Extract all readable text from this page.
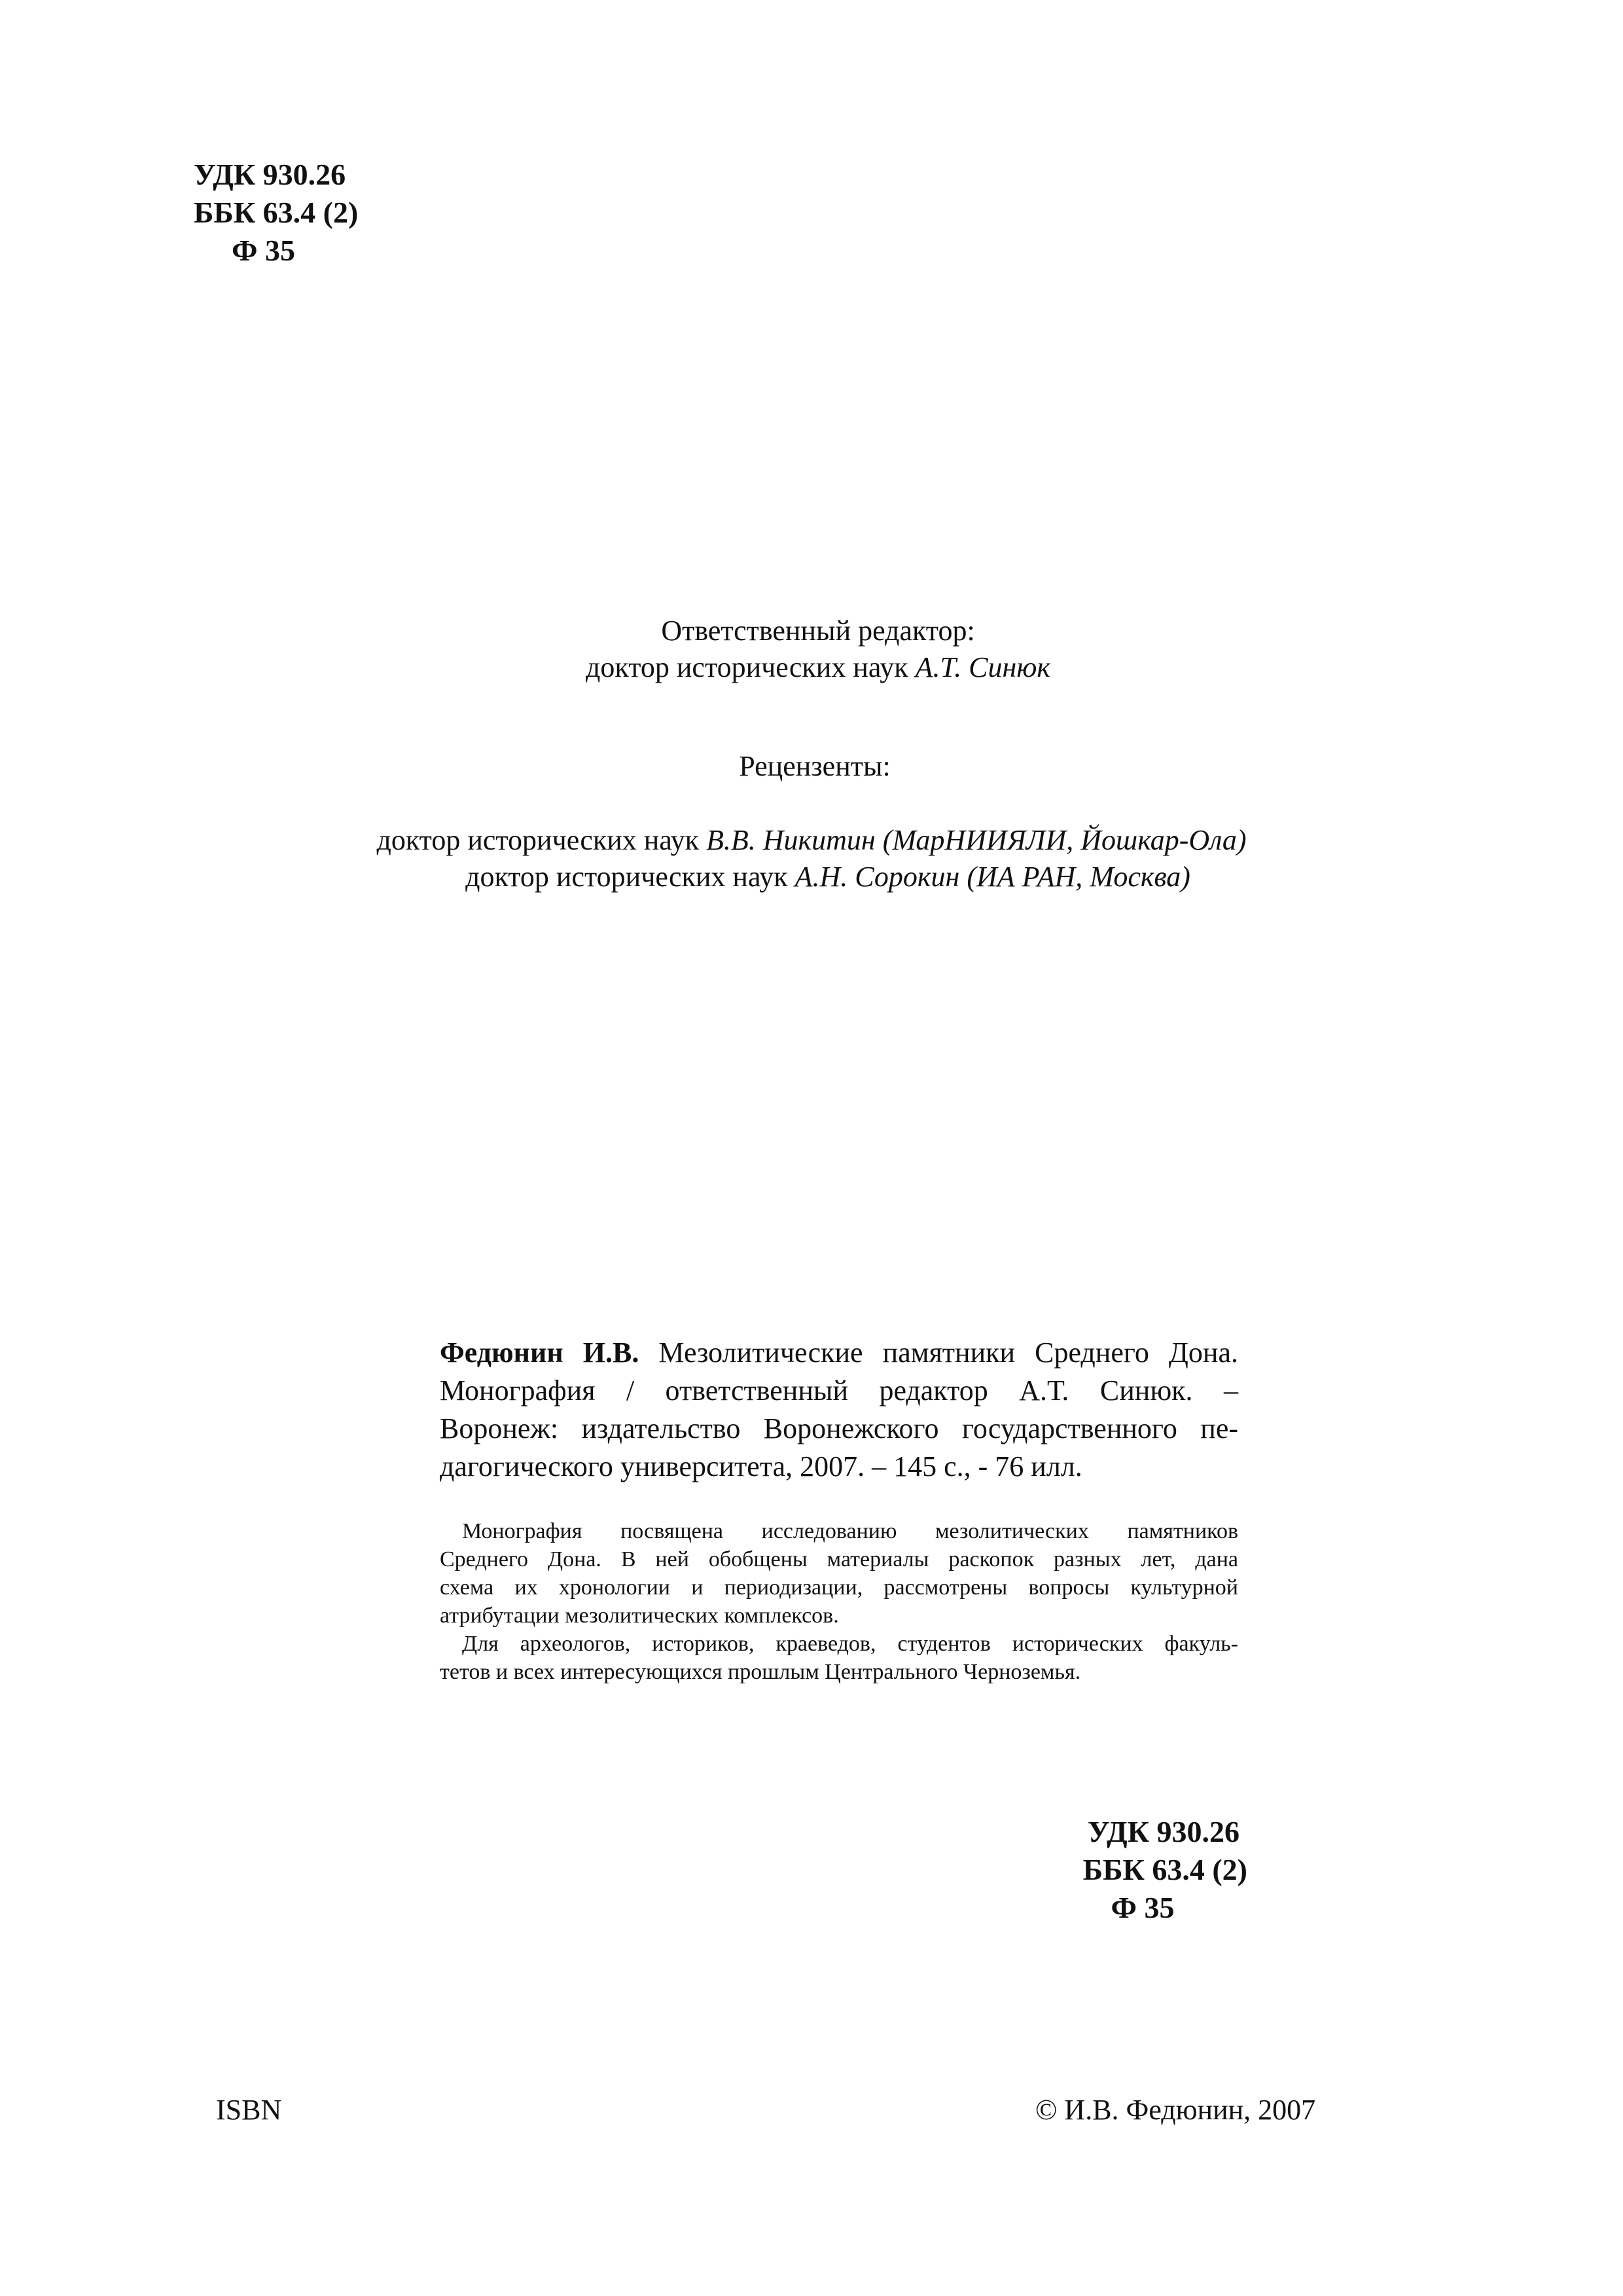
УДК 930.26
ББК 63.4 (2)
Ф 35
Ответственный редактор:
доктор исторических наук А.Т. Синюк
Рецензенты:
доктор исторических наук В.В. Никитин (МарНИИЯЛИ, Йошкар-Ола)
доктор исторических наук А.Н. Сорокин (ИА РАН, Москва)
Федюнин И.В. Мезолитические памятники Среднего Дона.
Монография / ответственный редактор А.Т. Синюк. –
Воронеж: издательство Воронежского государственного пе-
дагогического университета, 2007. – 145 с., - 76 илл.
Монография посвящена исследованию мезолитических памятников
Среднего Дона. В ней обобщены материалы раскопок разных лет, дана
схема их хронологии и периодизации, рассмотрены вопросы культурной
атрибутации мезолитических комплексов.
Для археологов, историков, краеведов, студентов исторических факуль-
тетов и всех интересующихся прошлым Центрального Черноземья.
УДК 930.26
ББК 63.4 (2)
Ф 35
ISBN	© И.В. Федюнин, 2007
